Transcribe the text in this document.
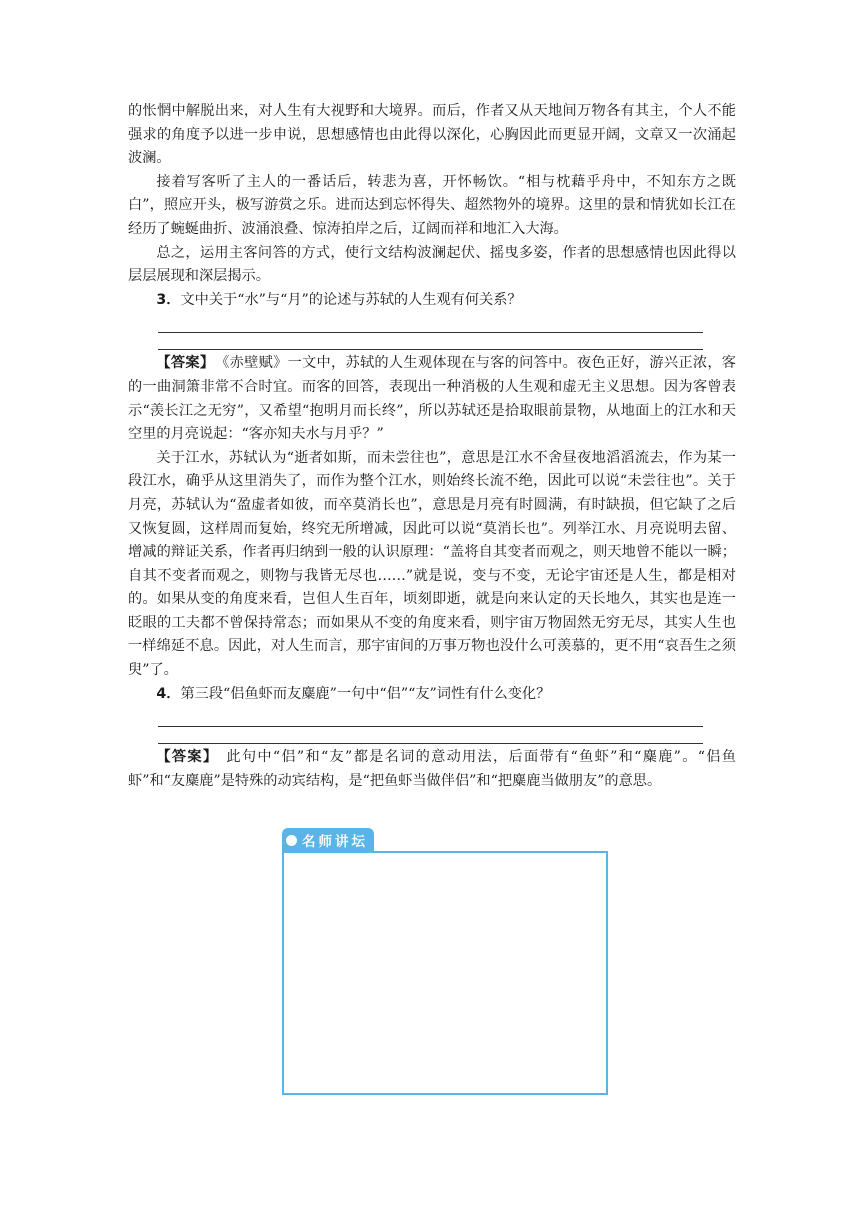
的怅惘中解脱出来，对人生有大视野和大境界。而后，作者又从天地间万物各有其主，个人不能强求的角度予以进一步申说，思想感情也由此得以深化，心胸因此而更显开阔，文章又一次涌起波澜。

接着写客听了主人的一番话后，转悲为喜，开怀畅饮。“相与枕藉乎舟中，不知东方之既白”，照应开头，极写游赏之乐。进而达到忘怀得失、超然物外的境界。这里的景和情犹如长江在经历了蜿蜒曲折、波涌浪叠、惊涛拍岸之后，辽阔而祥和地汇入大海。

总之，运用主客问答的方式，使行文结构波澜起伏、摇曳多姿，作者的思想感情也因此得以层层展现和深层揭示。

3．文中关于“水”与“月”的论述与苏轼的人生观有何关系？

【答案】 《赤壁赋》一文中，苏轼的人生观体现在与客的问答中。夜色正好，游兴正浓，客的一曲洞箫非常不合时宜。而客的回答，表现出一种消极的人生观和虚无主义思想。因为客曾表示“羡长江之无穷”，又希望“抱明月而长终”，所以苏轼还是拾取眼前景物，从地面上的江水和天空里的月亮说起：“客亦知夫水与月乎？”

关于江水，苏轼认为“逝者如斯，而未尝往也”，意思是江水不舍昼夜地滔滔流去，作为某一段江水，确乎从这里消失了，而作为整个江水，则始终长流不绝，因此可以说“未尝往也”。关于月亮，苏轼认为“盈虚者如彼，而卒莫消长也”，意思是月亮有时圆满，有时缺损，但它缺了之后又恢复圆，这样周而复始，终究无所增减，因此可以说“莫消长也”。列举江水、月亮说明去留、增减的辩证关系，作者再归纳到一般的认识原理：“盖将自其变者而观之，则天地曾不能以一瞬；自其不变者而观之，则物与我皆无尽也……”就是说，变与不变，无论宇宙还是人生，都是相对的。如果从变的角度来看，岂但人生百年，顷刻即逝，就是向来认定的天长地久，其实也是连一眨眼的工夫都不曾保持常态；而如果从不变的角度来看，则宇宙万物固然无穷无尽，其实人生也一样绵延不息。因此，对人生而言，那宇宙间的万事万物也没什么可羡慕的，更不用“哀吾生之须臾”了。

4．第三段“侣鱼虾而友麋鹿”一句中“侣”“友”词性有什么变化？

【答案】 此句中“侣”和“友”都是名词的意动用法，后面带有“鱼虾”和“麋鹿”。“侣鱼虾”和“友麋鹿”是特殊的动宾结构，是“把鱼虾当做伴侣”和“把麋鹿当做朋友”的意思。

名师讲坛
